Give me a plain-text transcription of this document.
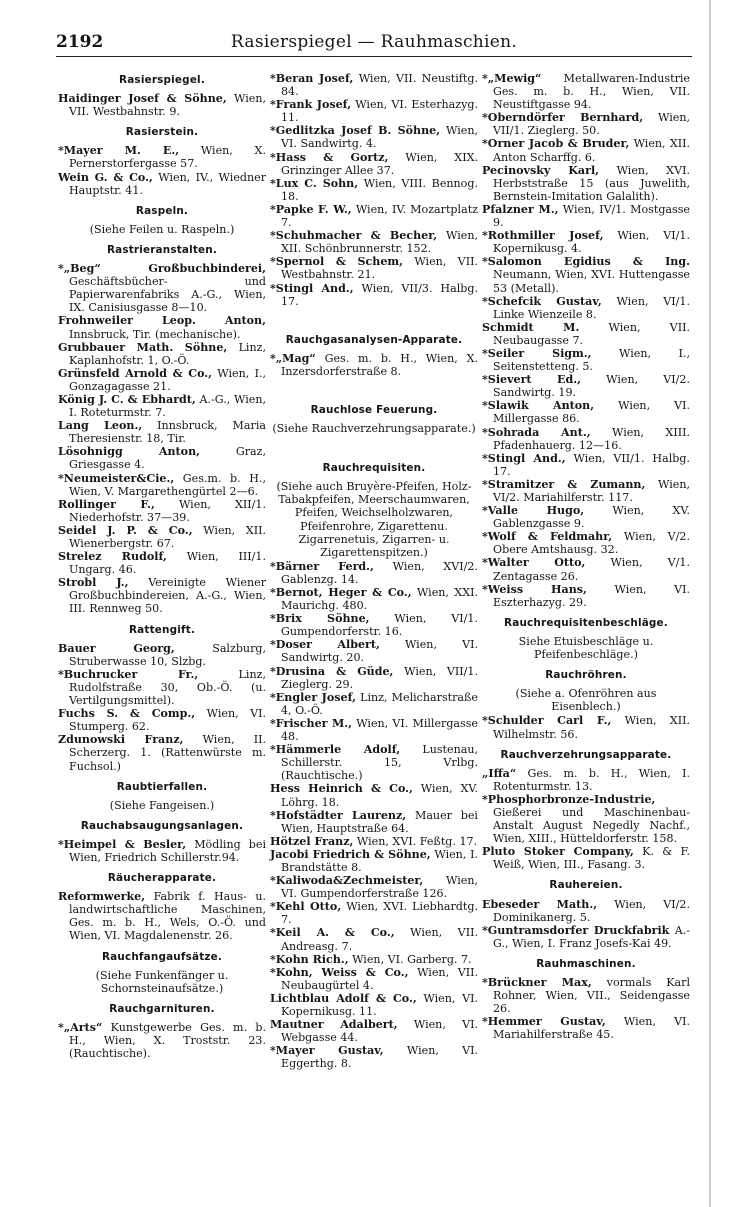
2192	Rasierspiegel — Rauhmaschien.
Rasierspiegel.

Haidinger Josef & Söhne, Wien, VII. Westbahnstr. 9.

Rasierstein.

*Mayer M. E., Wien, X. Pernerstorfergasse 57.

Wein G. & Co., Wien, IV., Wiedner Hauptstr. 41.

Raspeln.
(Siehe Feilen u. Raspeln.)
Rastrieranstalten.

*„Beg“ Großbuchbinderei, Geschäftsbücher- und Papierwarenfabriks A.-G., Wien, IX. Canisiusgasse 8—10.

Frohnweiler Leop. Anton, Innsbruck, Tir. (mechanische).

Grubbauer Math. Söhne, Linz, Kaplanhofstr. 1, O.-Ö.

Grünsfeld Arnold & Co., Wien, I., Gonzagagasse 21.

König J. C. & Ebhardt, A.-G., Wien, I. Roteturmstr. 7.

Lang Leon., Innsbruck, Maria Theresienstr. 18, Tir.

Lösohnigg Anton, Graz, Griesgasse 4.

*Neumeister&Cie., Ges.m. b. H., Wien, V. Margarethengürtel 2—6.

Rollinger F., Wien, XII/1. Niederhofstr. 37—39.

Seidel J. P. & Co., Wien, XII. Wienerbergstr. 67.

Strelez Rudolf, Wien, III/1. Ungarg. 46.

Strobl J., Vereinigte Wiener Großbuchbindereien, A.-G., Wien, III. Rennweg 50.

Rattengift.

Bauer Georg, Salzburg, Struberwasse 10, Slzbg.

*Buchrucker Fr., Linz, Rudolfstraße 30, Ob.-Ö. (u. Vertilgungsmittel).

Fuchs S. & Comp., Wien, VI. Stumperg. 62.

Zdunowski Franz, Wien, II. Scherzerg. 1. (Rattenwürste m. Fuchsol.)

Raubtierfallen.
(Siehe Fangeisen.)
Rauchabsaugungsanlagen.

*Heimpel & Besler, Mödling bei Wien, Friedrich Schillerstr.94.

Räucherapparate.

Reformwerke, Fabrik f. Haus- u. landwirtschaftliche Maschinen, Ges. m. b. H., Wels, O.-Ö. und Wien, VI. Magdalenenstr. 26.

Rauchfangaufsätze.
(Siehe Funkenfänger u. Schornsteinaufsätze.)
Rauchgarnituren.

*„Arts“ Kunstgewerbe Ges. m. b. H., Wien, X. Troststr. 23. (Rauchtische).

*Beran Josef, Wien, VII. Neustiftg. 84.

*Frank Josef, Wien, VI. Esterhazyg. 11.

*Gedlitzka Josef B. Söhne, Wien, VI. Sandwirtg. 4.

*Hass & Gortz, Wien, XIX. Grinzinger Allee 37.

*Lux C. Sohn, Wien, VIII. Bennog. 18.

*Papke F. W., Wien, IV. Mozartplatz 7.

*Schuhmacher & Becher, Wien, XII. Schönbrunnerstr. 152.

*Spernol & Schem, Wien, VII. Westbahnstr. 21.

*Stingl And., Wien, VII/3. Halbg. 17.

Rauchgasanalysen-Apparate.

*„Mag“ Ges. m. b. H., Wien, X. Inzersdorferstraße 8.

Rauchlose Feuerung.
(Siehe Rauchverzehrungsapparate.)
Rauchrequisiten.
(Siehe auch Bruyère-Pfeifen, Holz-Tabakpfeifen, Meerschaumwaren, Pfeifen, Weichselholzwaren, Pfeifenrohre, Zigarettenu. Zigarrenetuis, Zigarren- u. Zigarettenspitzen.)

*Bärner Ferd., Wien, XVI/2. Gablenzg. 14.

*Bernot, Heger & Co., Wien, XXI. Maurichg. 480.

*Brix Söhne, Wien, VI/1. Gumpendorferstr. 16.

*Doser Albert, Wien, VI. Sandwirtg. 20.

*Drusina & Güde, Wien, VII/1. Zieglerg. 29.

*Engler Josef, Linz, Melicharstraße 4, O.-Ö.

*Frischer M., Wien, VI. Millergasse 48.

*Hämmerle Adolf, Lustenau, Schillerstr. 15, Vrlbg. (Rauchtische.)

Hess Heinrich & Co., Wien, XV. Löhrg. 18.

*Hofstädter Laurenz, Mauer bei Wien, Hauptstraße 64.

Hötzel Franz, Wien, XVI. Feßtg. 17.

Jacobi Friedrich & Söhne, Wien, I. Brandstätte 8.

*Kaliwoda&Zechmeister, Wien, VI. Gumpendorferstraße 126.

*Kehl Otto, Wien, XVI. Liebhardtg. 7.

*Keil A. & Co., Wien, VII. Andreasg. 7.

*Kohn Rich., Wien, VI. Garberg. 7.

*Kohn, Weiss & Co., Wien, VII. Neubaugürtel 4.

Lichtblau Adolf & Co., Wien, VI. Kopernikusg. 11.

Mautner Adalbert, Wien, VI. Webgasse 44.

*Mayer Gustav, Wien, VI. Eggerthg. 8.

*„Mewig“ Metallwaren-Industrie Ges. m. b. H., Wien, VII. Neustiftgasse 94.

*Oberndörfer Bernhard, Wien, VII/1. Zieglerg. 50.

*Orner Jacob & Bruder, Wien, XII. Anton Scharffg. 6.

Pecinovsky Karl, Wien, XVI. Herbststraße 15 (aus Juwelith, Bernstein-Imitation Galalith).

Pfalzner M., Wien, IV/1. Mostgasse 9.

*Rothmiller Josef, Wien, VI/1. Kopernikusg. 4.

*Salomon Egidius & Ing. Neumann, Wien, XVI. Huttengasse 53 (Metall).

*Schefcik Gustav, Wien, VI/1. Linke Wienzeile 8.

Schmidt M. Wien, VII. Neubaugasse 7.

*Seiler Sigm., Wien, I., Seitenstetteng. 5.

*Sievert Ed., Wien, VI/2. Sandwirtg. 19.

*Slawik Anton, Wien, VI. Millergasse 86.

*Sohrada Ant., Wien, XIII. Pfadenhauerg. 12—16.

*Stingl And., Wien, VII/1. Halbg. 17.

*Stramitzer & Zumann, Wien, VI/2. Mariahilferstr. 117.

*Valle Hugo, Wien, XV. Gablenzgasse 9.

*Wolf & Feldmahr, Wien, V/2. Obere Amtshausg. 32.

*Walter Otto, Wien, V/1. Zentagasse 26.

*Weiss Hans, Wien, VI. Eszterhazyg. 29.

Rauchrequisitenbeschläge.
Siehe Etuisbeschläge u. Pfeifenbeschläge.)
Rauchröhren.
(Siehe a. Ofenröhren aus Eisenblech.)

*Schulder Carl F., Wien, XII. Wilhelmstr. 56.

Rauchverzehrungsapparate.

„Iffa“ Ges. m. b. H., Wien, I. Rotenturmstr. 13.

*Phosphorbronze-Industrie, Gießerei und Maschinenbau-Anstalt August Negedly Nachf., Wien, XIII., Hütteldorferstr. 158.

Pluto Stoker Company, K. & F. Weiß, Wien, III., Fasang. 3.

Rauhereien.

Ebeseder Math., Wien, VI/2. Dominikanerg. 5.

*Guntramsdorfer Druckfabrik A.-G., Wien, I. Franz Josefs-Kai 49.

Rauhmaschinen.

*Brückner Max, vormals Karl Rohner, Wien, VII., Seidengasse 26.

*Hemmer Gustav, Wien, VI. Mariahilferstraße 45.
